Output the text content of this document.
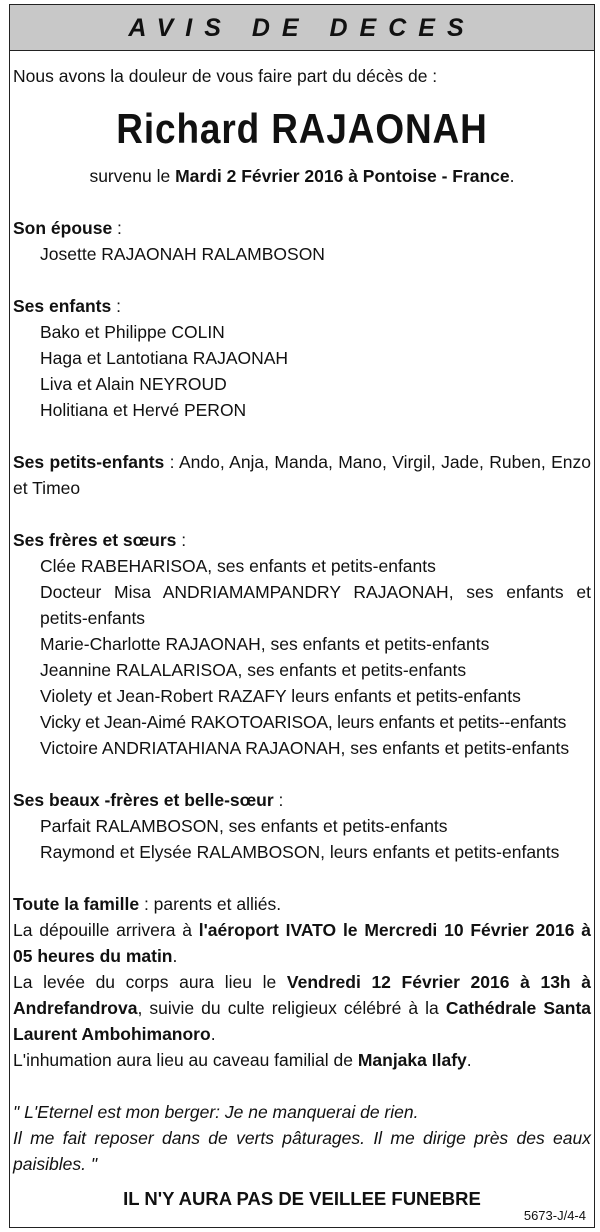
AVIS DE DECES

Nous avons la douleur de vous faire part du décès de :

Richard RAJAONAH

survenu le Mardi 2 Février 2016 à Pontoise - France.

Son épouse :

Josette RAJAONAH RALAMBOSON

Ses enfants :

Bako et Philippe COLIN

Haga et Lantotiana RAJAONAH

Liva et Alain NEYROUD

Holitiana et Hervé PERON

Ses petits-enfants : Ando, Anja, Manda, Mano, Virgil, Jade, Ruben, Enzo et Timeo

Ses frères et sœurs :

Clée RABEHARISOA, ses enfants et petits-enfants

Docteur Misa ANDRIAMAMPANDRY RAJAONAH, ses enfants et petits-enfants

Marie-Charlotte RAJAONAH, ses enfants et petits-enfants

Jeannine RALALARISOA, ses enfants et petits-enfants

Violety et Jean-Robert RAZAFY leurs enfants et petits-enfants

Vicky et Jean-Aimé RAKOTOARISOA, leurs enfants et petits--enfants

Victoire ANDRIATAHIANA RAJAONAH, ses enfants et petits-enfants

Ses beaux -frères et belle-sœur :

Parfait RALAMBOSON, ses enfants et petits-enfants

Raymond et Elysée RALAMBOSON, leurs enfants et petits-enfants

Toute la famille : parents et alliés.

La dépouille arrivera à l'aéroport IVATO le Mercredi 10 Février 2016 à 05 heures du matin.

La levée du corps aura lieu le Vendredi 12 Février 2016 à 13h à Andrefandrova, suivie du culte religieux célébré à la Cathédrale Santa Laurent Ambohimanoro.

L'inhumation aura lieu au caveau familial de Manjaka Ilafy.

" L'Eternel est mon berger: Je ne manquerai de rien.

Il me fait reposer dans de verts pâturages. Il me dirige près des eaux paisibles. "

IL N'Y AURA PAS DE VEILLEE FUNEBRE

5673-J/4-4
